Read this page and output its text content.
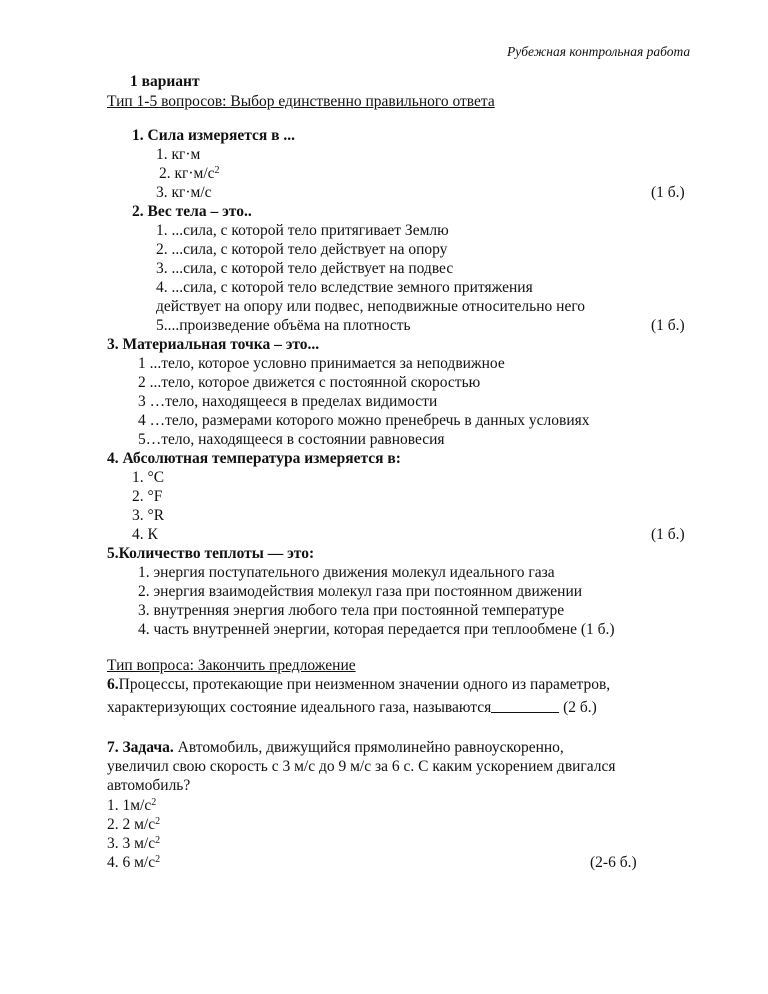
Рубежная контрольная работа
1 вариант
Тип 1-5 вопросов: Выбор единственно правильного ответа
1. Сила измеряется в ...
1. кг·м
2. $кг\cdot м/с^2$
3. кг·м/с	(1 б.)
2. Вес тела – это..
1. ...сила, с которой тело притягивает Землю
2. ...сила, с которой тело действует на опору
3. ...сила, с которой тело действует на подвес
4. ...сила, с которой тело вследствие земного притяжения
действует на опору или подвес, неподвижные относительно него
5....произведение объёма на плотность	(1 б.)
3. Материальная точка – это...
1 ...тело, которое условно принимается за неподвижное
2 ...тело, которое движется с постоянной скоростью
3 …тело, находящееся в пределах видимости
4 …тело, размерами которого можно пренебречь в данных условиях
5…тело, находящееся в состоянии равновесия
4. Абсолютная температура измеряется в:
1. °С
2. °F
3. °R
4. К	(1 б.)
5.Количество теплоты — это:
1. энергия поступательного движения молекул идеального газа
2. энергия взаимодействия молекул газа при постоянном движении
3. внутренняя энергия любого тела при постоянной температуре
4. часть внутренней энергии, которая передается при теплообмене (1 б.)
Тип вопроса: Закончить предложение
6.Процессы, протекающие при неизменном значении одного из параметров,
характеризующих состояние идеального газа, называются	(2 б.)
7. Задача. Автомобиль, движущийся прямолинейно равноускоренно,
увеличил свою скорость с 3 м/с до 9 м/с за 6 с. С каким ускорением двигался
автомобиль?
1. $1м/с^2$
2. 2 $м/с^2$
3. 3 $м/с^2$
4. 6 $м/с^2$	(2-6 б.)
